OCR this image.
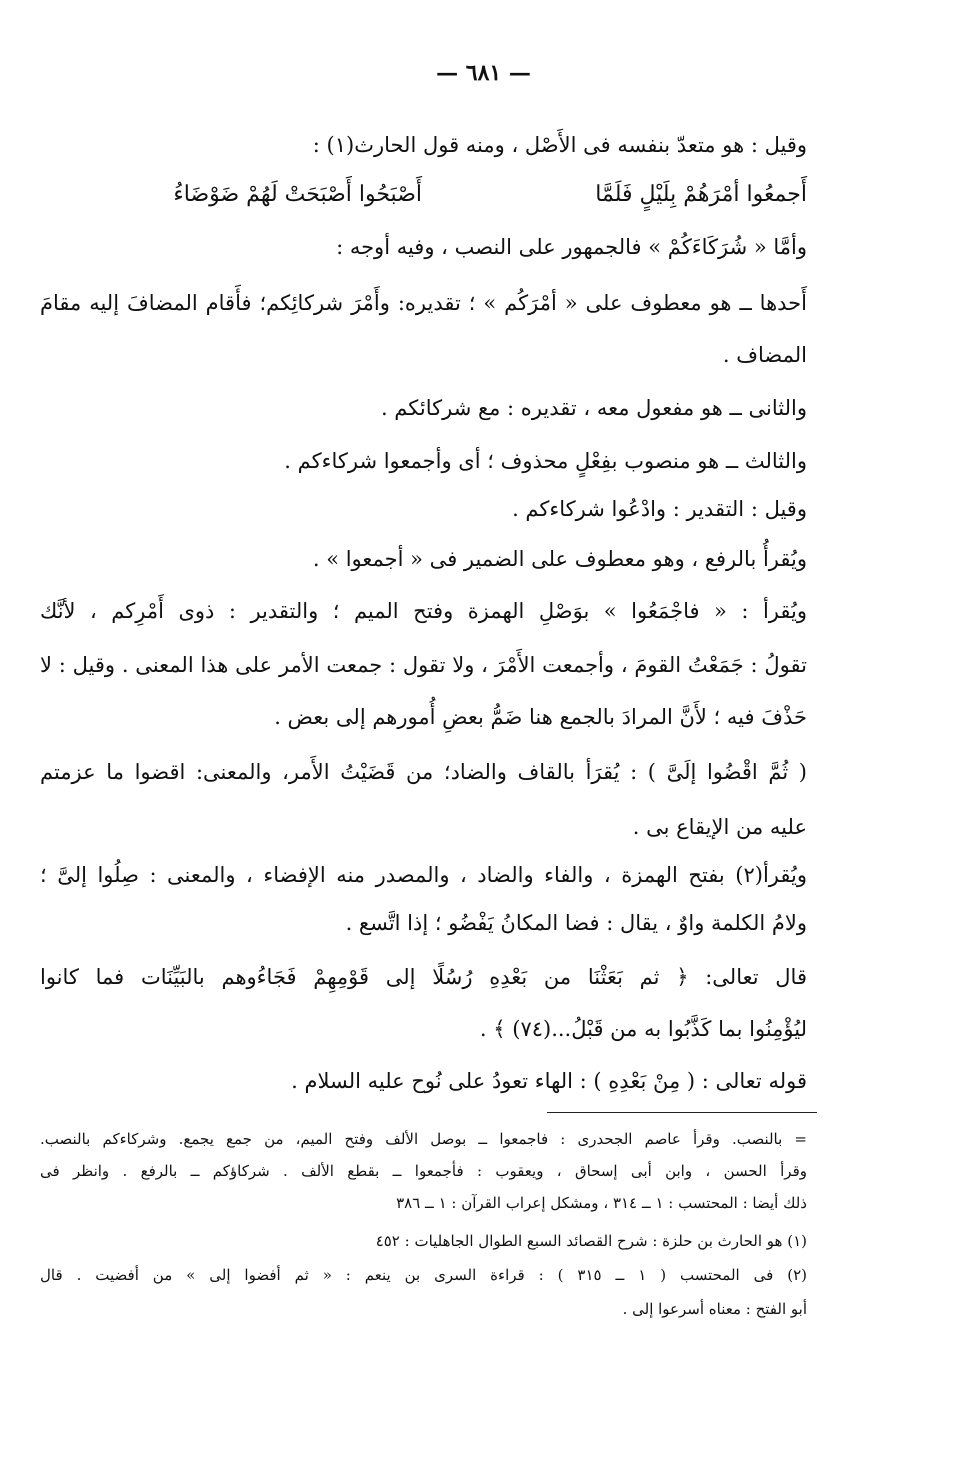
— ٦٨١ —
وقيل : هو متعدّ بنفسه فى الأَصْل ، ومنه قول الحارث(١) :
أَجمعُوا أمْرَهُمْ بِلَيْلٍ فَلَمَّا
أَصْبَحُوا أَصْبَحَتْ لَهُمْ ضَوْضَاءُ
وأمَّا « شُرَكَاءَكُمْ » فالجمهور على النصب ، وفيه أوجه :
أَحدها ــ هو معطوف على « أمْرَكُم » ؛ تقديره: وأَمْرَ شركائِكم؛ فأَقام المضافَ إليه مقامَ
المضاف .
والثانى ــ هو مفعول معه ، تقديره : مع شركائكم .
والثالث ــ هو منصوب بفِعْلٍ محذوف ؛ أى وأجمعوا شركاءكم .
وقيل : التقدير : وادْعُوا شركاءكم .
ويُقرأُ بالرفع ، وهو معطوف على الضمير فى « أجمعوا » .
ويُقرأ : « فاجْمَعُوا » بوَصْلِ الهمزة وفتح الميم ؛ والتقدير : ذوى أَمْرِكم ، لأنَّك
تقولُ : جَمَعْتُ القومَ ، وأجمعت الأَمْرَ ، ولا تقول : جمعت الأمر على هذا المعنى . وقيل : لا
حَذْفَ فيه ؛ لأَنَّ المرادَ بالجمع هنا ضَمُّ بعضِ أُمورهم إلى بعض .
( ثُمَّ اقْضُوا إلَىَّ ) : يُقرَأ بالقاف والضاد؛ من قَضَيْتُ الأَمر، والمعنى: اقضوا ما عزمتم
عليه من الإيقاع بى .
ويُقرأ(٢) بفتح الهمزة ، والفاء والضاد ، والمصدر منه الإفضاء ، والمعنى : صِلُوا إلىَّ ؛
ولامُ الكلمة واوٌ ، يقال : فضا المكانُ يَفْضُو ؛ إذا اتَّسع .
قال تعالى: ﴿ ثم بَعَثْنَا من بَعْدِهِ رُسُلًا إلى قَوْمِهِمْ فَجَاءُوهم بالبَيِّنَات فما كانوا
ليُؤْمِنُوا بما كَذَّبُوا به من قَبْلُ...(٧٤) ﴾ .
قوله تعالى : ( مِنْ بَعْدِهِ ) : الهاء تعودُ على نُوح عليه السلام .
= بالنصب. وقرأ عاصم الجحدرى : فاجمعوا ــ بوصل الألف وفتح الميم، من جمع يجمع. وشركاءكم بالنصب.
وقرأ الحسن ، وابن أبى إسحاق ، ويعقوب : فأجمعوا ــ بقطع الألف . شركاؤكم ــ بالرفع . وانظر فى
ذلك أيضا : المحتسب : ١ ــ ٣١٤ ، ومشكل إعراب القرآن : ١ ــ ٣٨٦
(١) هو الحارث بن حلزة : شرح القصائد السبع الطوال الجاهليات : ٤٥٢
(٢) فى المحتسب ( ١ ــ ٣١٥ ) : قراءة السرى بن ينعم : « ثم أفضوا إلى » من أفضيت . قال
أبو الفتح : معناه أسرعوا إلى .
